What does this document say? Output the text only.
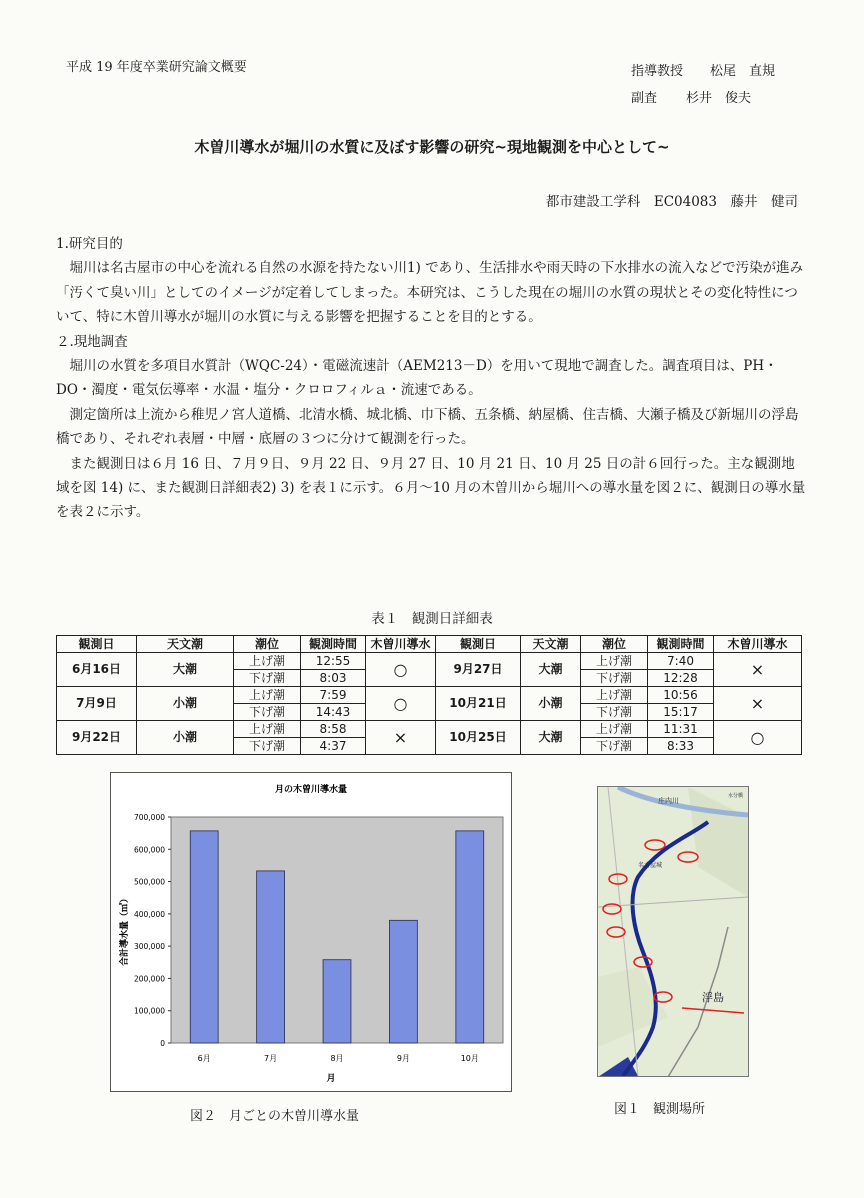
平成 19 年度卒業研究論文概要	指導教授 松尾　直規
副査 杉井　俊夫
木曽川導水が堀川の水質に及ぼす影響の研究~現地観測を中心として~
都市建設工学科　EC04083　藤井　健司

1.研究目的

堀川は名古屋市の中心を流れる自然の水源を持たない川1) であり、生活排水や雨天時の下水排水の流入などで汚染が進み「汚くて臭い川」としてのイメージが定着してしまった。本研究は、こうした現在の堀川の水質の現状とその変化特性について、特に木曽川導水が堀川の水質に与える影響を把握することを目的とする。

２.現地調査

堀川の水質を多項目水質計（WQC-24）・電磁流速計（AEM213－D）を用いて現地で調査した。調査項目は、PH・DO・濁度・電気伝導率・水温・塩分・クロロフィルａ・流速である。

測定箇所は上流から稚児ノ宮人道橋、北清水橋、城北橋、巾下橋、五条橋、納屋橋、住吉橋、大瀬子橋及び新堀川の浮島橋であり、それぞれ表層・中層・底層の３つに分けて観測を行った。

また観測日は６月 16 日、７月９日、９月 22 日、９月 27 日、10 月 21 日、10 月 25 日の計６回行った。主な観測地域を図 14) に、また観測日詳細表2) 3) を表１に示す。６月～10 月の木曽川から堀川への導水量を図２に、観測日の導水量を表２に示す。

表１　観測日詳細表
観測日	天文潮	潮位	観測時間	木曽川導水	観測日	天文潮	潮位	観測時間	木曽川導水
6月16日	大潮	上げ潮	12:55	○	9月27日	大潮	上げ潮	7:40	×
		下げ潮	8:03				下げ潮	12:28	
7月9日	小潮	上げ潮	7:59	○	10月21日	小潮	上げ潮	10:56	×
		下げ潮	14:43				下げ潮	15:17	
9月22日	小潮	上げ潮	8:58	×	10月25日	大潮	上げ潮	11:31	○
		下げ潮	4:37				下げ潮	8:33	
月の木曽川導水量
0
100,000
200,000
300,000
400,000
500,000
600,000
700,000
6月	7月	8月	9月	10月
合計導水量（㎥）
月
図２　月ごとの木曽川導水量
庄内川
水分橋
名古屋城
浮島
図１　観測場所
